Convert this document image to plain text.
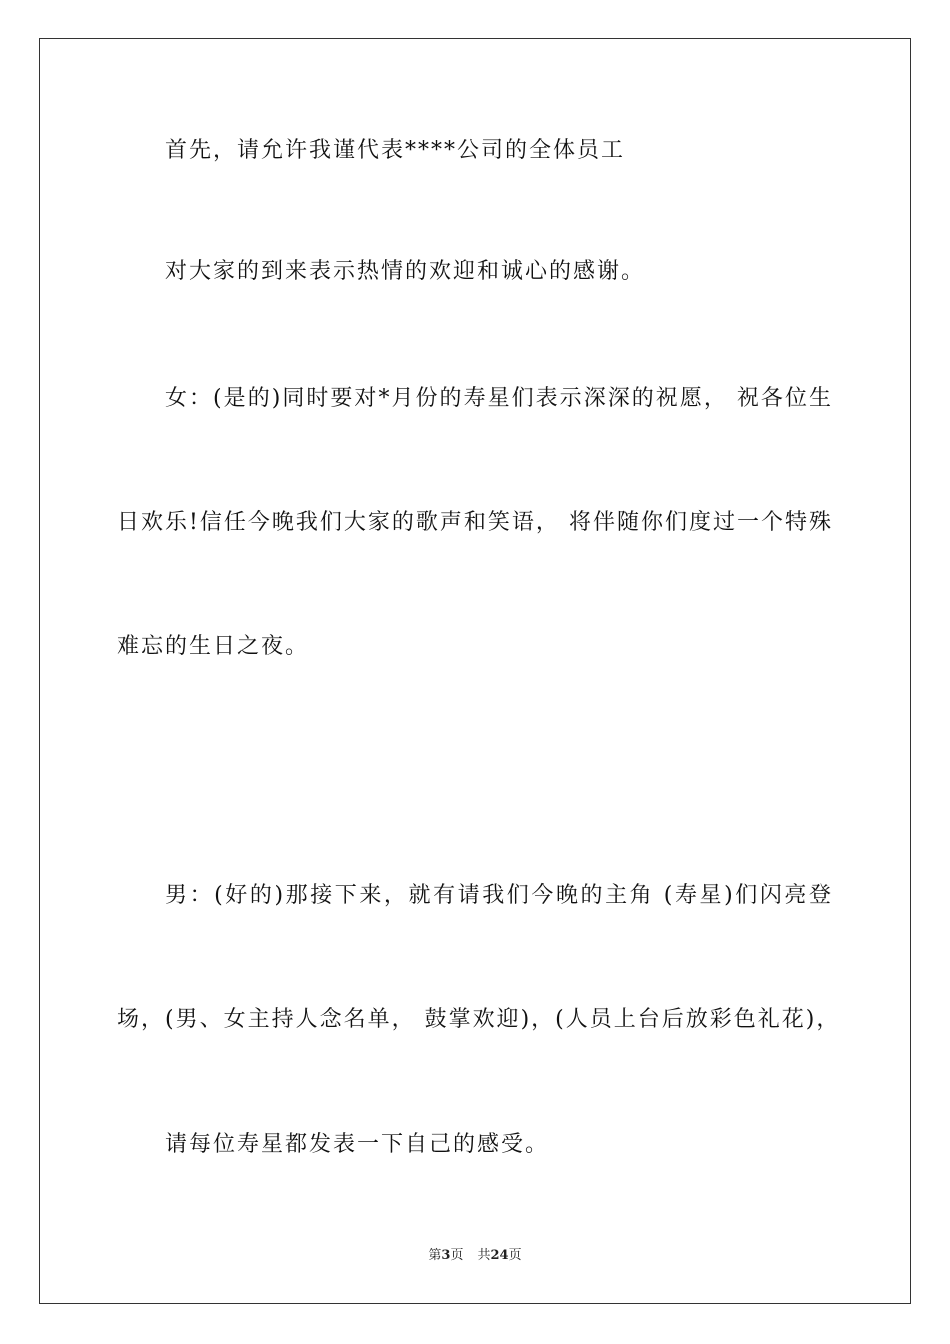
首先，请允许我谨代表****公司的全体员工
对大家的到来表示热情的欢迎和诚心的感谢。
女：(是的)同时要对*月份的寿星们表示深深的祝愿， 祝各位生
日欢乐!信任今晚我们大家的歌声和笑语， 将伴随你们度过一个特殊
难忘的生日之夜。
男：(好的)那接下来，就有请我们今晚的主角 (寿星)们闪亮登
场，(男、女主持人念名单， 鼓掌欢迎)，(人员上台后放彩色礼花)，
请每位寿星都发表一下自己的感受。
第3页 共24页
